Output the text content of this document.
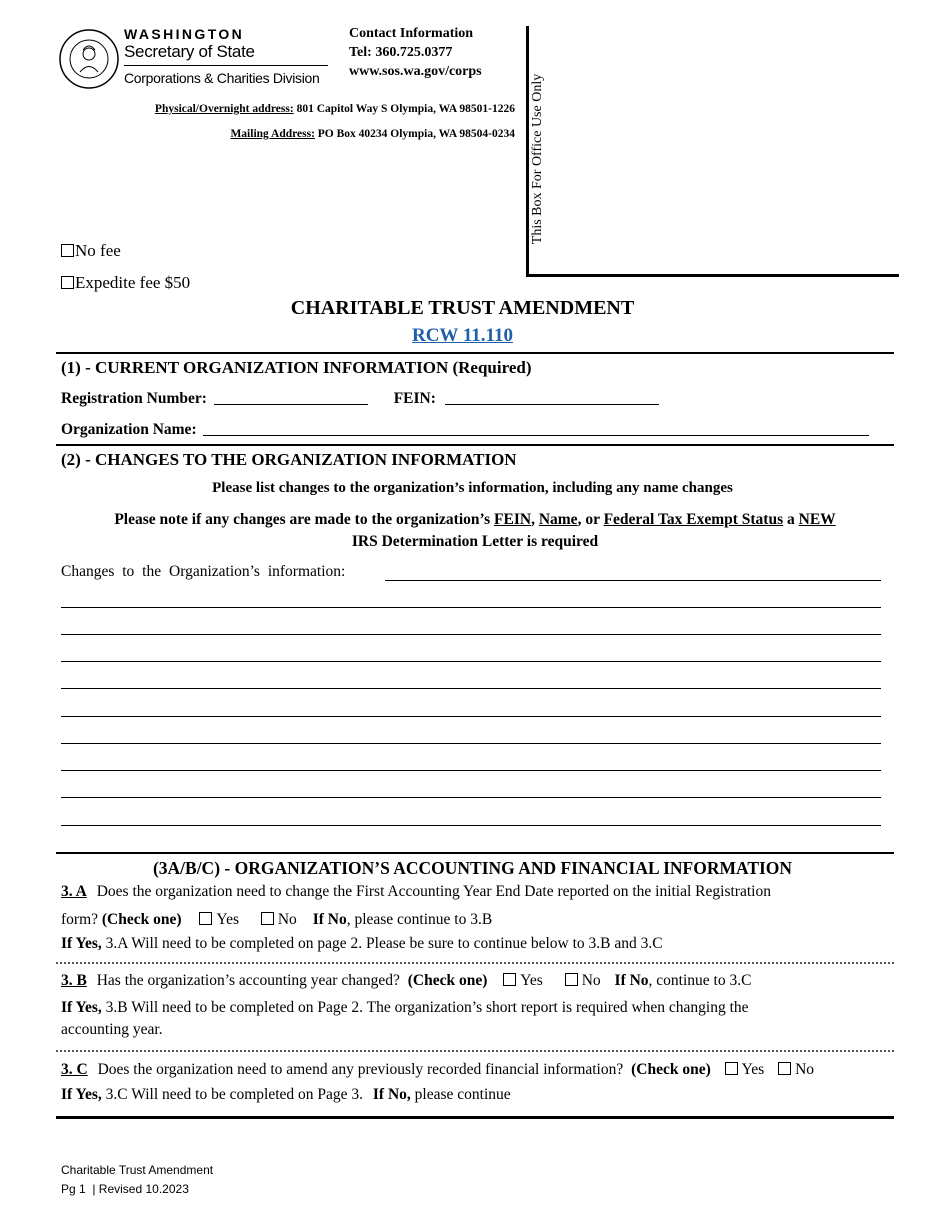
WASHINGTON
Secretary of State
Corporations & Charities Division
Contact Information
Tel: 360.725.0377
www.sos.wa.gov/corps
Physical/Overnight address: 801 Capitol Way S Olympia, WA 98501-1226
Mailing Address: PO Box 40234 Olympia, WA 98504-0234 This Box For Office Use Only
No fee
Expedite fee $50
CHARITABLE TRUST AMENDMENT
RCW 11.110
(1) - CURRENT ORGANIZATION INFORMATION (Required)
Registration Number:	FEIN:
Organization Name:
(2) - CHANGES TO THE ORGANIZATION INFORMATION
Please list changes to the organization’s information, including any name changes
Please note if any changes are made to the organization’s FEIN, Name, or Federal Tax Exempt Status a NEW
IRS Determination Letter is required
Changes to the Organization’s information:
(3A/B/C) - ORGANIZATION’S ACCOUNTING AND FINANCIAL INFORMATION
3. A Does the organization need to change the First Accounting Year End Date reported on the initial Registration
form? (Check one) Yes	No If No, please continue to 3.B
If Yes, 3.A Will need to be completed on page 2. Please be sure to continue below to 3.B and 3.C
3. B Has the organization’s accounting year changed? (Check one) Yes	No If No, continue to 3.C
If Yes, 3.B Will need to be completed on Page 2. The organization’s short report is required when changing the
accounting year.
3. C Does the organization need to amend any previously recorded financial information? (Check one) Yes No
If Yes, 3.C Will need to be completed on Page 3. If No, please continue
Charitable Trust Amendment
Pg 1  | Revised 10.2023
